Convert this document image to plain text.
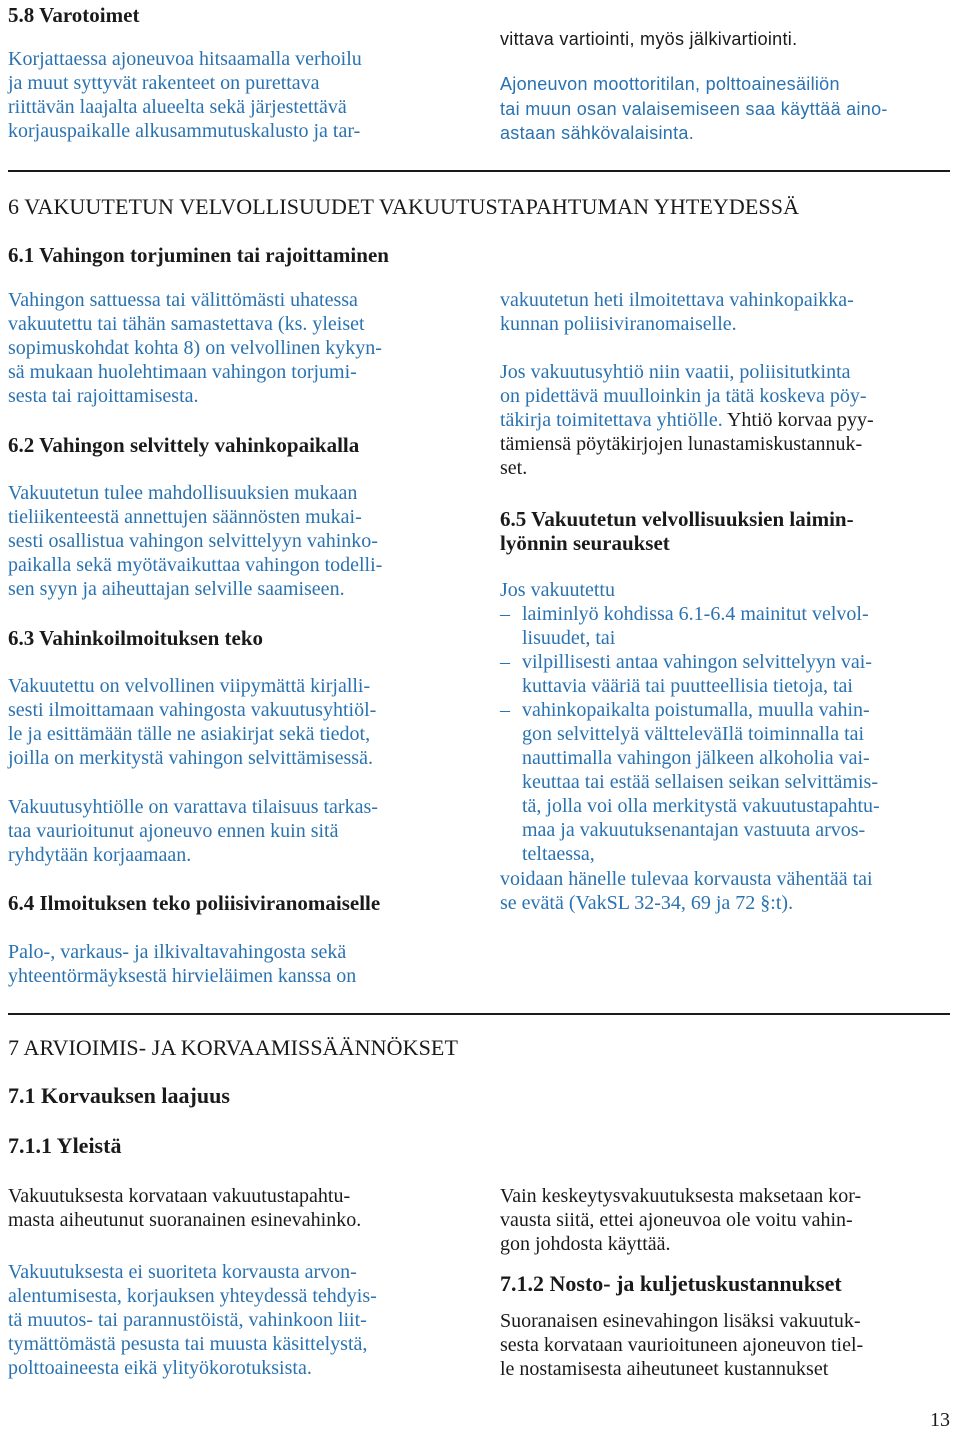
5.8 Varotoimet

Korjattaessa ajoneuvoa hitsaamalla verhoilu
ja muut syttyvät rakenteet on purettava
riittävän laajalta alueelta sekä järjestettävä
korjauspaikalle alkusammutuskalusto ja tar-

vittava vartiointi, myös jälkivartiointi.

Ajoneuvon moottoritilan, polttoainesäiliön
tai muun osan valaisemiseen saa käyttää aino-
astaan sähkövalaisinta.

6 VAKUUTETUN VELVOLLISUUDET VAKUUTUSTAPAHTUMAN YHTEYDESSÄ
6.1 Vahingon torjuminen tai rajoittaminen

Vahingon sattuessa tai välittömästi uhatessa
vakuutettu tai tähän samastettava (ks. yleiset
sopimuskohdat kohta 8) on velvollinen kykyn-
sä mukaan huolehtimaan vahingon torjumi-
sesta tai rajoittamisesta.

6.2 Vahingon selvittely vahinkopaikalla

Vakuutetun tulee mahdollisuuksien mukaan
tieliikenteestä annettujen säännösten mukai-
sesti osallistua vahingon selvittelyyn vahinko-
paikalla sekä myötävaikuttaa vahingon todelli-
sen syyn ja aiheuttajan selville saamiseen.

6.3 Vahinkoilmoituksen teko

Vakuutettu on velvollinen viipymättä kirjalli-
sesti ilmoittamaan vahingosta vakuutusyhtiöl-
le ja esittämään tälle ne asiakirjat sekä tiedot,
joilla on merkitystä vahingon selvittämisessä.

Vakuutusyhtiölle on varattava tilaisuus tarkas-
taa vaurioitunut ajoneuvo ennen kuin sitä
ryhdytään korjaamaan.

6.4 Ilmoituksen teko poliisiviranomaiselle

Palo-, varkaus- ja ilkivaltavahingosta sekä
yhteentörmäyksestä hirvieläimen kanssa on

vakuutetun heti ilmoitettava vahinkopaikka-
kunnan poliisiviranomaiselle.

Jos vakuutusyhtiö niin vaatii, poliisitutkinta
on pidettävä muulloinkin ja tätä koskeva pöy-
täkirja toimitettava yhtiölle. Yhtiö korvaa pyy-
tämiensä pöytäkirjojen lunastamiskustannuk-
set.

6.5 Vakuutetun velvollisuuksien laimin-
lyönnin seuraukset

Jos vakuutettu

– laiminlyö kohdissa 6.1-6.4 mainitut velvol-
lisuudet, tai
– vilpillisesti antaa vahingon selvittelyyn vai-
kuttavia vääriä tai puutteellisia tietoja, tai
– vahinkopaikalta poistumalla, muulla vahin-
gon selvittelyä vältteleväIlä toiminnalla tai
nauttimalla vahingon jälkeen alkoholia vai-
keuttaa tai estää sellaisen seikan selvittämis-
tä, jolla voi olla merkitystä vakuutustapahtu-
maa ja vakuutuksenantajan vastuuta arvos-
teltaessa,

voidaan hänelle tulevaa korvausta vähentää tai
se evätä (VakSL 32-34, 69 ja 72 §:t).

7 ARVIOIMIS- JA KORVAAMISSÄÄNNÖKSET
7.1 Korvauksen laajuus
7.1.1 Yleistä

Vakuutuksesta korvataan vakuutustapahtu-
masta aiheutunut suoranainen esinevahinko.

Vakuutuksesta ei suoriteta korvausta arvon-
alentumisesta, korjauksen yhteydessä tehdyis-
tä muutos- tai parannustöistä, vahinkoon liit-
tymättömästä pesusta tai muusta käsittelystä,
polttoaineesta eikä ylityökorotuksista.

Vain keskeytysvakuutuksesta maksetaan kor-
vausta siitä, ettei ajoneuvoa ole voitu vahin-
gon johdosta käyttää.

7.1.2 Nosto- ja kuljetuskustannukset

Suoranaisen esinevahingon lisäksi vakuutuk-
sesta korvataan vaurioituneen ajoneuvon tiel-
le nostamisesta aiheutuneet kustannukset

13
